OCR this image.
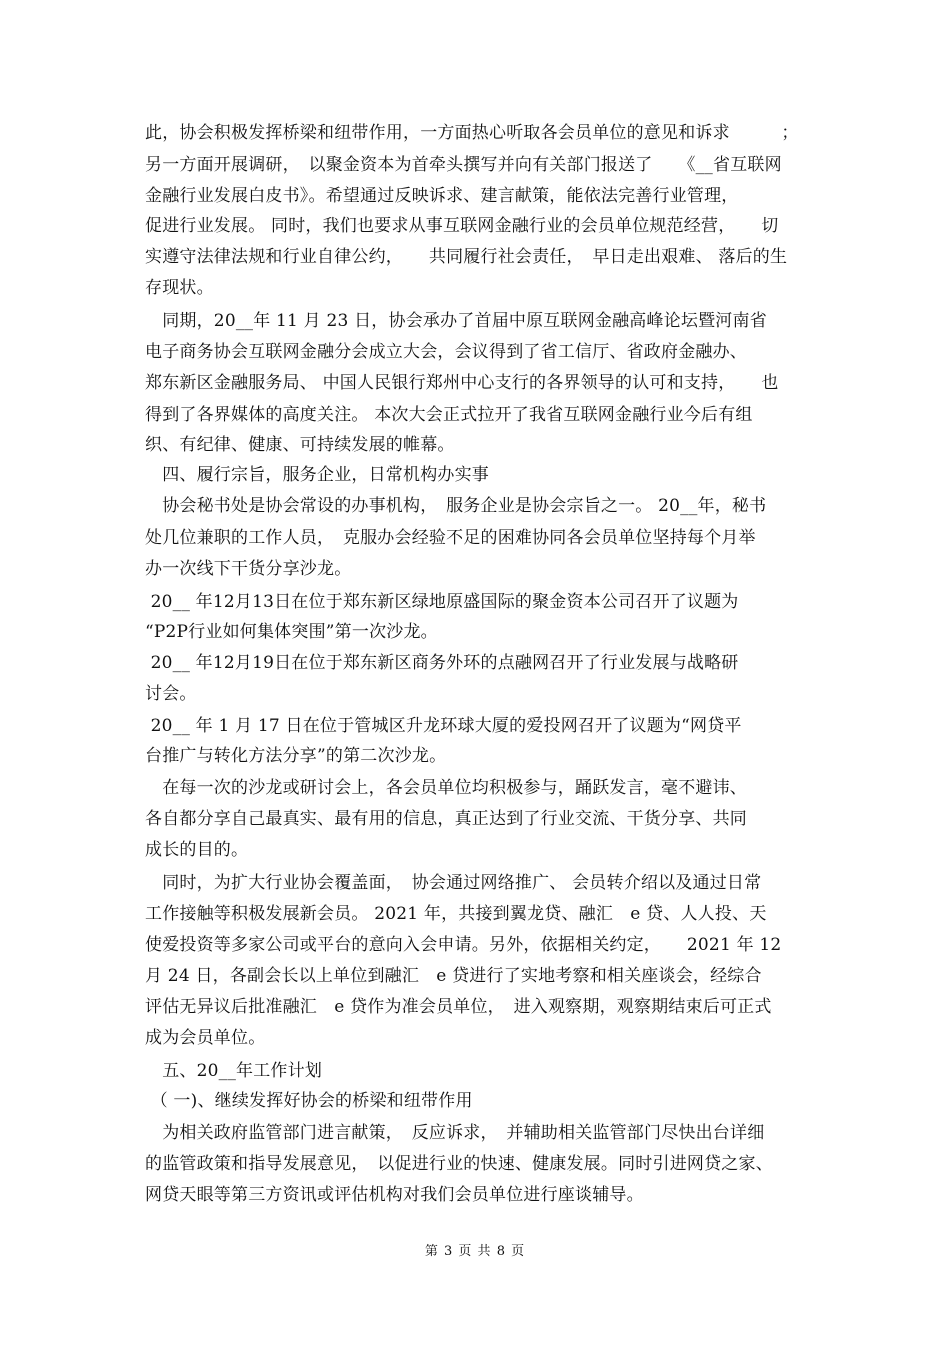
此，协会积极发挥桥梁和纽带作用，一方面热心听取各会员单位的意见和诉求　　　；
另一方面开展调研，　以聚金资本为首牵头撰写并向有关部门报送了　　《__省互联网
金融行业发展白皮书》。希望通过反映诉求、建言献策，能依法完善行业管理，
促进行业发展。 同时，我们也要求从事互联网金融行业的会员单位规范经营，　　切
实遵守法律法规和行业自律公约，　　共同履行社会责任，　早日走出艰难、 落后的生
存现状。
　同期，20__年 11 月 23 日，协会承办了首届中原互联网金融高峰论坛暨河南省
电子商务协会互联网金融分会成立大会，会议得到了省工信厅、省政府金融办、
郑东新区金融服务局、 中国人民银行郑州中心支行的各界领导的认可和支持，　　也
得到了各界媒体的高度关注。 本次大会正式拉开了我省互联网金融行业今后有组
织、有纪律、健康、可持续发展的帷幕。
　四、履行宗旨，服务企业，日常机构办实事
　协会秘书处是协会常设的办事机构，　服务企业是协会宗旨之一。 20__年，秘书
处几位兼职的工作人员，　克服办会经验不足的困难协同各会员单位坚持每个月举
办一次线下干货分享沙龙。
20__ 年12月13日在位于郑东新区绿地原盛国际的聚金资本公司召开了议题为
“P2P行业如何集体突围”第一次沙龙。
20__ 年12月19日在位于郑东新区商务外环的点融网召开了行业发展与战略研
讨会。
20__ 年 1 月 17 日在位于管城区升龙环球大厦的爱投网召开了议题为“网贷平
台推广与转化方法分享”的第二次沙龙。
　在每一次的沙龙或研讨会上，各会员单位均积极参与，踊跃发言，毫不避讳、
各自都分享自己最真实、最有用的信息，真正达到了行业交流、干货分享、共同
成长的目的。
　同时，为扩大行业协会覆盖面，　协会通过网络推广、 会员转介绍以及通过日常
工作接触等积极发展新会员。 2021 年，共接到翼龙贷、融汇　e 贷、人人投、天
使爱投资等多家公司或平台的意向入会申请。另外，依据相关约定，　　2021 年 12
月 24 日，各副会长以上单位到融汇　e 贷进行了实地考察和相关座谈会，经综合
评估无异议后批准融汇　e 贷作为准会员单位，　进入观察期，观察期结束后可正式
成为会员单位。
　五、20__年工作计划
（ 一)、继续发挥好协会的桥梁和纽带作用
　为相关政府监管部门进言献策，　反应诉求，　并辅助相关监管部门尽快出台详细
的监管政策和指导发展意见，　以促进行业的快速、健康发展。同时引进网贷之家、
网贷天眼等第三方资讯或评估机构对我们会员单位进行座谈辅导。
第 3 页 共 8 页
